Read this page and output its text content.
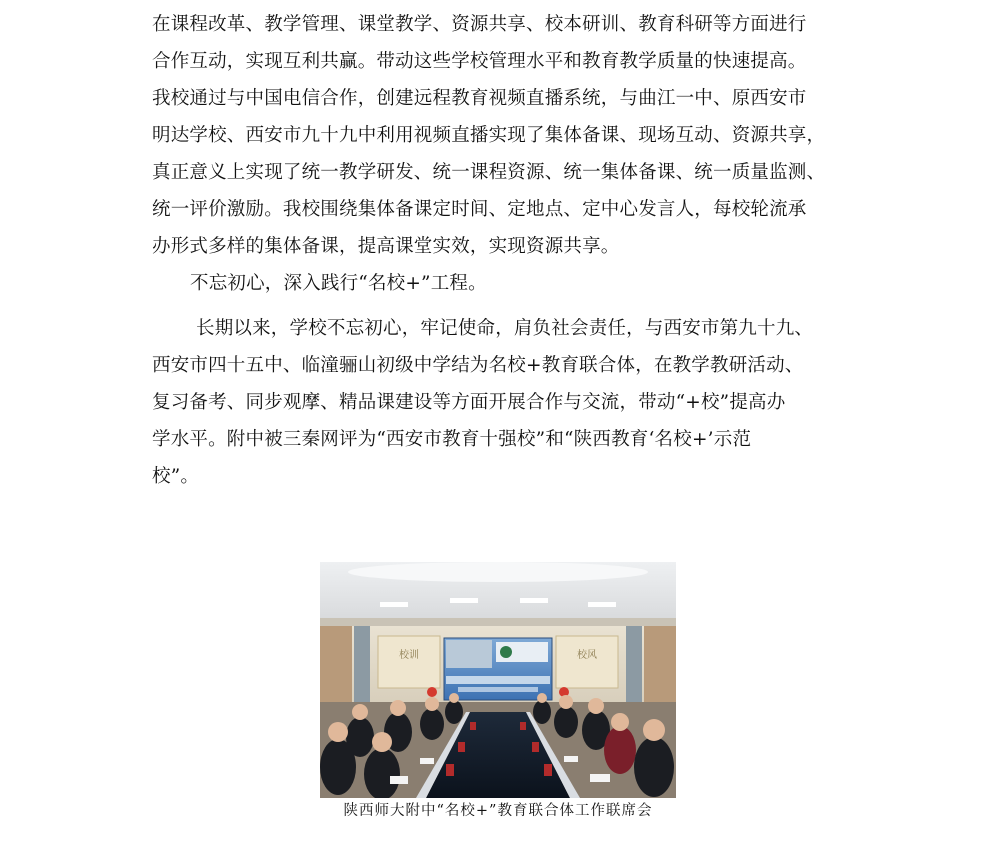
在课程改革、教学管理、课堂教学、资源共享、校本研训、教育科研等方面进行
合作互动，实现互利共赢。带动这些学校管理水平和教育教学质量的快速提高。
我校通过与中国电信合作，创建远程教育视频直播系统，与曲江一中、原西安市
明达学校、西安市九十九中利用视频直播实现了集体备课、现场互动、资源共享，
真正意义上实现了统一教学研发、统一课程资源、统一集体备课、统一质量监测、
统一评价激励。我校围绕集体备课定时间、定地点、定中心发言人，每校轮流承
办形式多样的集体备课，提高课堂实效，实现资源共享。
不忘初心，深入践行“名校+”工程。
长期以来，学校不忘初心，牢记使命，肩负社会责任，与西安市第九十九、
西安市四十五中、临潼骊山初级中学结为名校+教育联合体，在教学教研活动、
复习备考、同步观摩、精品课建设等方面开展合作与交流，带动“+校”提高办
学水平。附中被三秦网评为“西安市教育十强校”和“陕西教育‘名校+’示范
校”。
校训	校风
陕西师大附中“名校+”教育联合体工作联席会
